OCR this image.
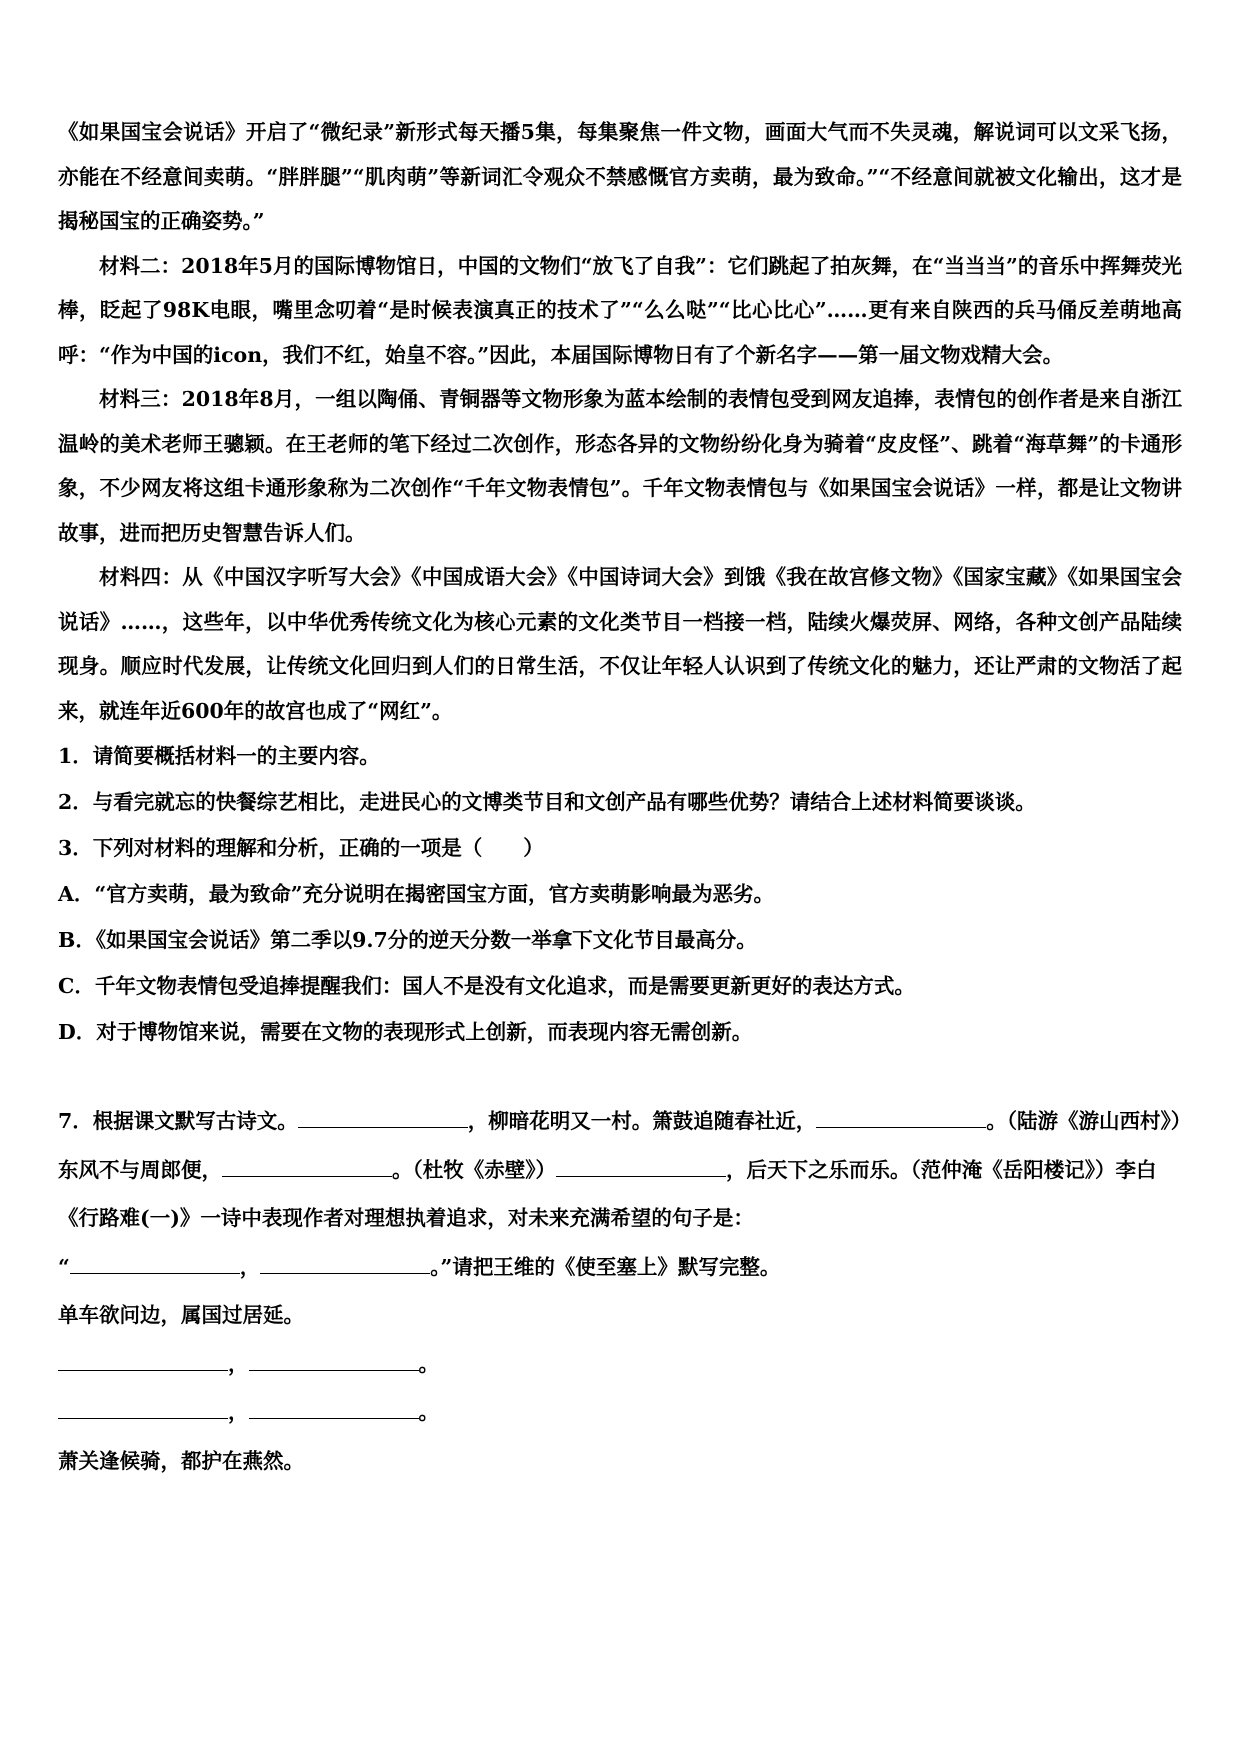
《如果国宝会说话》开启了“微纪录”新形式每天播5集，每集聚焦一件文物，画面大气而不失灵魂，解说词可以文采飞扬，亦能在不经意间卖萌。“胖胖腿”“肌肉萌”等新词汇令观众不禁感慨官方卖萌，最为致命。”“不经意间就被文化输出，这才是揭秘国宝的正确姿势。”

材料二：2018年5月的国际博物馆日，中国的文物们“放飞了自我”：它们跳起了拍灰舞，在“当当当”的音乐中挥舞荧光棒，眨起了98K电眼，嘴里念叨着“是时候表演真正的技术了”“么么哒”“比心比心”……更有来自陕西的兵马俑反差萌地高呼：“作为中国的icon，我们不红，始皇不容。”因此，本届国际博物日有了个新名字——第一届文物戏精大会。

材料三：2018年8月，一组以陶俑、青铜器等文物形象为蓝本绘制的表情包受到网友追捧，表情包的创作者是来自浙江温岭的美术老师王骢颖。在王老师的笔下经过二次创作，形态各异的文物纷纷化身为骑着“皮皮怪”、跳着“海草舞”的卡通形象，不少网友将这组卡通形象称为二次创作“千年文物表情包”。千年文物表情包与《如果国宝会说话》一样，都是让文物讲故事，进而把历史智慧告诉人们。

材料四：从《中国汉字听写大会》《中国成语大会》《中国诗词大会》到饿《我在故宫修文物》《国家宝藏》《如果国宝会说话》……，这些年，以中华优秀传统文化为核心元素的文化类节目一档接一档，陆续火爆荧屏、网络，各种文创产品陆续现身。顺应时代发展，让传统文化回归到人们的日常生活，不仅让年轻人认识到了传统文化的魅力，还让严肃的文物活了起来，就连年近600年的故宫也成了“网红”。

1．请简要概括材料一的主要内容。

2．与看完就忘的快餐综艺相比，走进民心的文博类节目和文创产品有哪些优势？请结合上述材料简要谈谈。

3．下列对材料的理解和分析，正确的一项是（　　）

A．“官方卖萌，最为致命”充分说明在揭密国宝方面，官方卖萌影响最为恶劣。

B．《如果国宝会说话》第二季以9.7分的逆天分数一举拿下文化节目最高分。

C．千年文物表情包受追捧提醒我们：国人不是没有文化追求，而是需要更新更好的表达方式。

D．对于博物馆来说，需要在文物的表现形式上创新，而表现内容无需创新。

7．根据课文默写古诗文。	，柳暗花明又一村。箫鼓追随春社近，	。（陆游《游山西村》）东风不与周郎便，	。（杜牧《赤壁》）	，后天下之乐而乐。（范仲淹《岳阳楼记》）李白《行路难(一)》一诗中表现作者对理想执着追求，对未来充满希望的句子是：
“	，	。”请把王维的《使至塞上》默写完整。

单车欲问边，属国过居延。

，	。

，	。

萧关逢候骑，都护在燕然。
